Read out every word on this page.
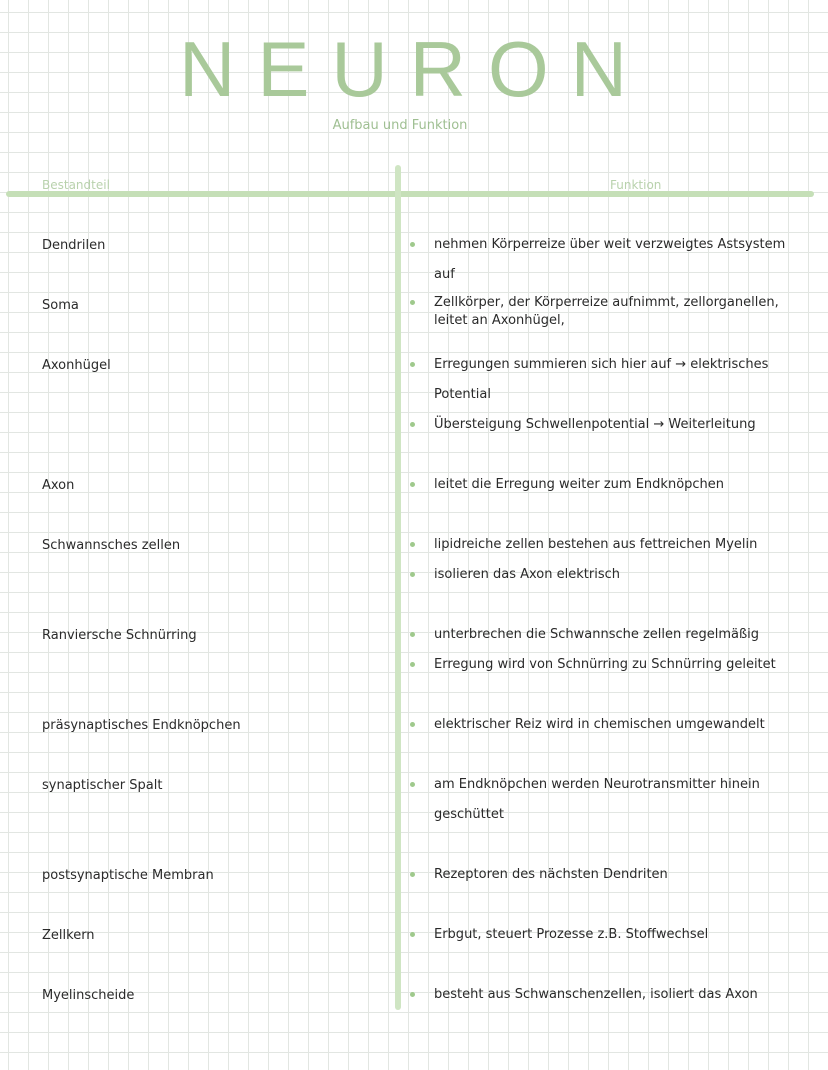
NEURON
Aufbau und Funktion
Bestandteil	Funktion
Dendrilen	nehmen Körperreize über weit verzweigtes Astsystem auf
Soma	Zellkörper, der Körperreize aufnimmt, zellorganellen, leitet an Axonhügel,
Axonhügel	Erregungen summieren sich hier auf → elektrisches Potential
Übersteigung Schwellenpotential → Weiterleitung
Axon	leitet die Erregung weiter zum Endknöpchen
Schwannsches zellen	lipidreiche zellen bestehen aus fettreichen Myelin
isolieren das Axon elektrisch
Ranviersche Schnürring	unterbrechen die Schwannsche zellen regelmäßig
Erregung wird von Schnürring zu Schnürring geleitet
präsynaptisches Endknöpchen	elektrischer Reiz wird in chemischen umgewandelt
synaptischer Spalt	am Endknöpchen werden Neurotransmitter hinein geschüttet
postsynaptische Membran	Rezeptoren des nächsten Dendriten
Zellkern	Erbgut, steuert Prozesse z.B. Stoffwechsel
Myelinscheide	besteht aus Schwanschenzellen, isoliert das Axon
